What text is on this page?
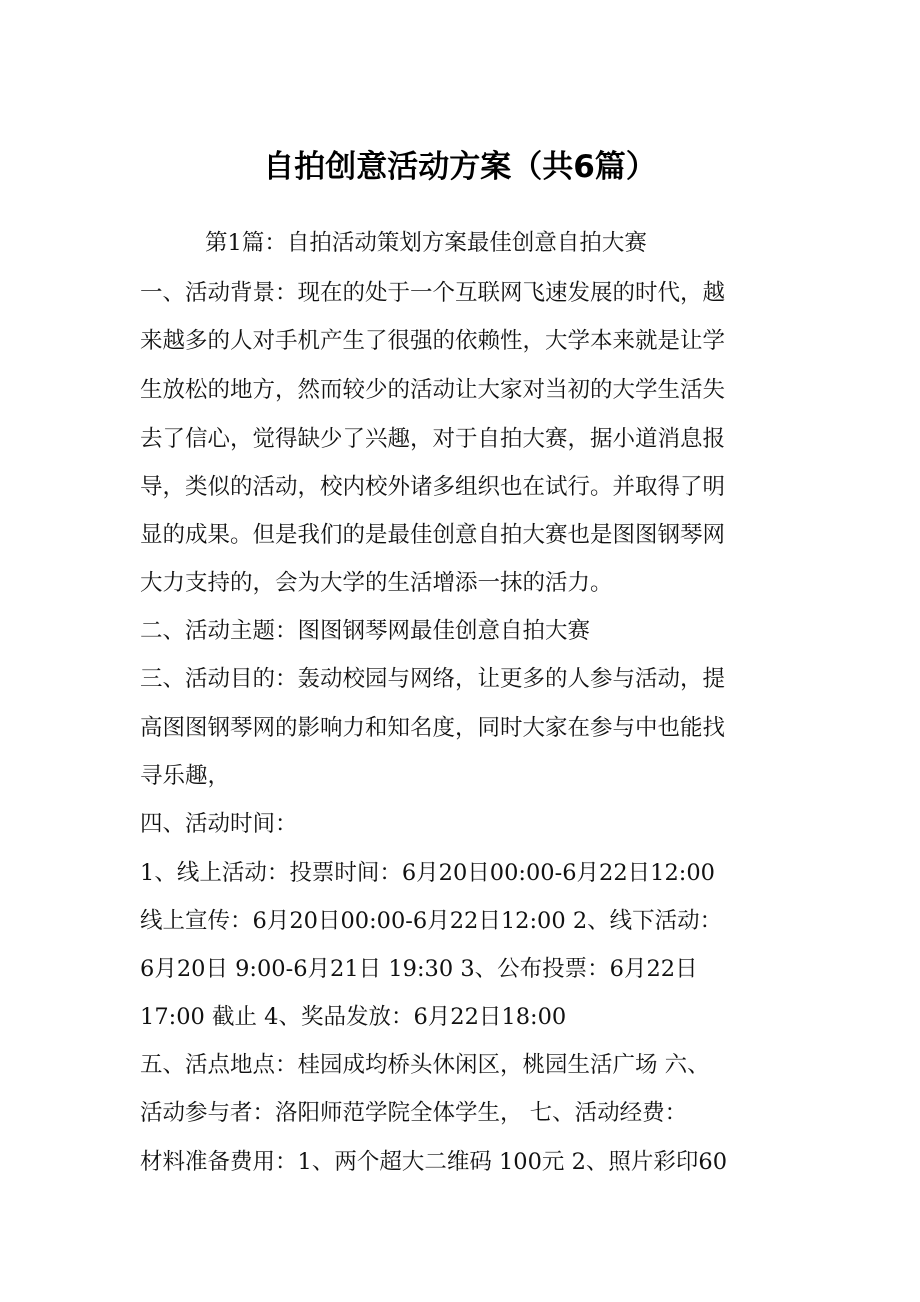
自拍创意活动方案（共6篇）
第1篇：自拍活动策划方案最佳创意自拍大赛
一、活动背景：现在的处于一个互联网飞速发展的时代，越
来越多的人对手机产生了很强的依赖性，大学本来就是让学
生放松的地方，然而较少的活动让大家对当初的大学生活失
去了信心，觉得缺少了兴趣，对于自拍大赛，据小道消息报
导，类似的活动，校内校外诸多组织也在试行。并取得了明
显的成果。但是我们的是最佳创意自拍大赛也是图图钢琴网
大力支持的，会为大学的生活增添一抹的活力。
二、活动主题：图图钢琴网最佳创意自拍大赛
三、活动目的：轰动校园与网络，让更多的人参与活动，提
高图图钢琴网的影响力和知名度，同时大家在参与中也能找
寻乐趣，
四、活动时间：
1、线上活动：投票时间：6月20日00:00-6月22日12:00
线上宣传：6月20日00:00-6月22日12:00 2、线下活动：
6月20日 9:00-6月21日 19:30 3、公布投票：6月22日
17:00 截止 4、奖品发放：6月22日18:00
五、活点地点：桂园成均桥头休闲区，桃园生活广场 六、
活动参与者：洛阳师范学院全体学生， 七、活动经费：
材料准备费用：1、两个超大二维码 100元 2、照片彩印60
